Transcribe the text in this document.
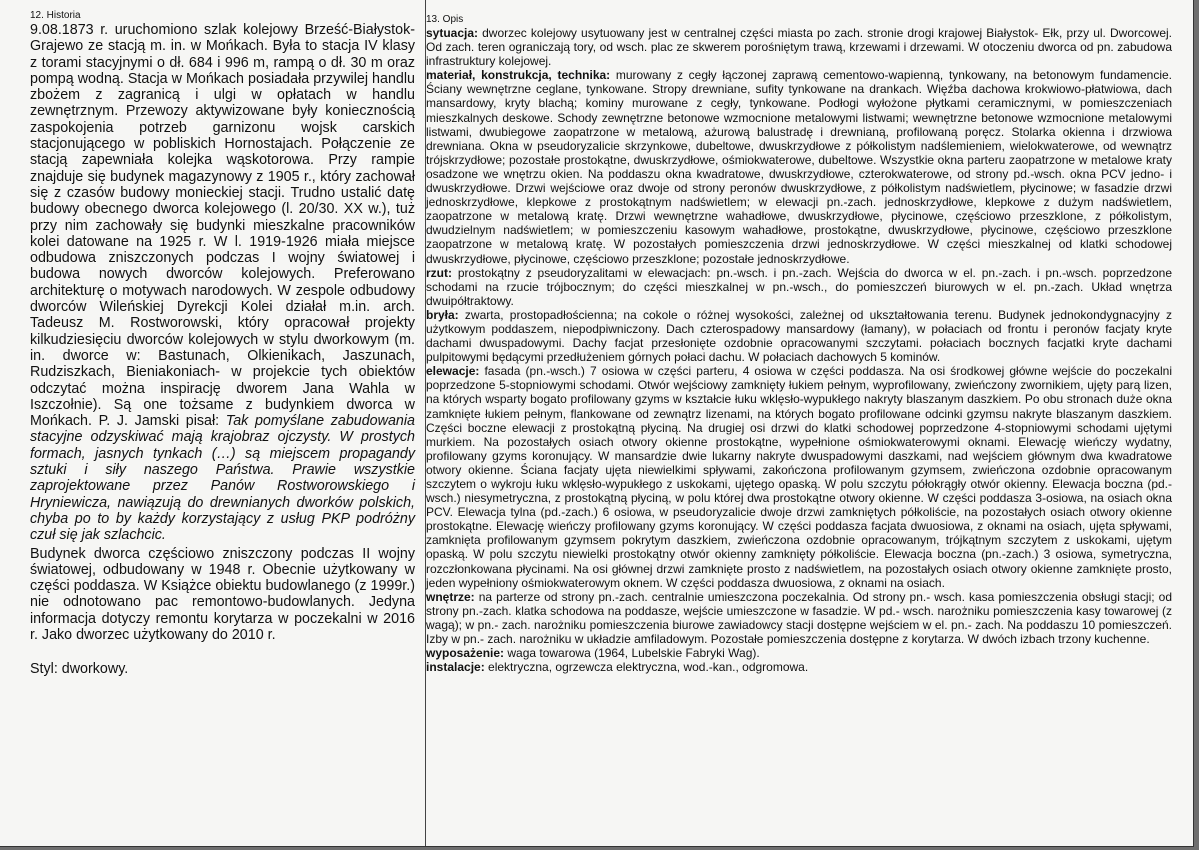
12. Historia

9.08.1873 r. uruchomiono szlak kolejowy Brześć-Białystok-Grajewo ze stacją m. in. w Mońkach. Była to stacja IV klasy z torami stacyjnymi o dł. 684 i 996 m, rampą o dł. 30 m oraz pompą wodną. Stacja w Mońkach posiadała przywilej handlu zbożem z zagranicą i ulgi w opłatach w handlu zewnętrznym. Przewozy aktywizowane były koniecznością zaspokojenia potrzeb garnizonu wojsk carskich stacjonującego w pobliskich Hornostajach. Połączenie ze stacją zapewniała kolejka wąskotorowa. Przy rampie znajduje się budynek magazynowy z 1905 r., który zachował się z czasów budowy monieckiej stacji. Trudno ustalić datę budowy obecnego dworca kolejowego (l. 20/30. XX w.), tuż przy nim zachowały się budynki mieszkalne pracowników kolei datowane na 1925 r. W l. 1919-1926 miała miejsce odbudowa zniszczonych podczas I wojny światowej i budowa nowych dworców kolejowych. Preferowano architekturę o motywach narodowych. W zespole odbudowy dworców Wileńskiej Dyrekcji Kolei działał m.in. arch. Tadeusz M. Rostworowski, który opracował projekty kilkudziesięciu dworców kolejowych w stylu dworkowym (m. in. dworce w: Bastunach, Olkienikach, Jaszunach, Rudziszkach, Bieniakoniach- w projekcie tych obiektów odczytać można inspirację dworem Jana Wahla w Iszczołnie). Są one tożsame z budynkiem dworca w Mońkach. P. J. Jamski pisał: Tak pomyślane zabudowania stacyjne odzyskiwać mają krajobraz ojczysty. W prostych formach, jasnych tynkach (…) są miejscem propagandy sztuki i siły naszego Państwa. Prawie wszystkie zaprojektowane przez Panów Rostworowskiego i Hryniewicza, nawiązują do drewnianych dworków polskich, chyba po to by każdy korzystający z usług PKP podróżny czuł się jak szlachcic.

Budynek dworca częściowo zniszczony podczas II wojny światowej, odbudowany w 1948 r. Obecnie użytkowany w części poddasza. W Książce obiektu budowlanego (z 1999r.) nie odnotowano pac remontowo-budowlanych. Jedyna informacja dotyczy remontu korytarza w poczekalni w 2016 r. Jako dworzec użytkowany do 2010 r.

Styl: dworkowy.
13. Opis

sytuacja: dworzec kolejowy usytuowany jest w centralnej części miasta po zach. stronie drogi krajowej Białystok- Ełk, przy ul. Dworcowej. Od zach. teren ograniczają tory, od wsch. plac ze skwerem porośniętym trawą, krzewami i drzewami. W otoczeniu dworca od pn. zabudowa infrastruktury kolejowej.

materiał, konstrukcja, technika: murowany z cegły łączonej zaprawą cementowo-wapienną, tynkowany, na betonowym fundamencie. Ściany wewnętrzne ceglane, tynkowane. Stropy drewniane, sufity tynkowane na drankach. Więźba dachowa krokwiowo-płatwiowa, dach mansardowy, kryty blachą; kominy murowane z cegły, tynkowane. Podłogi wyłożone płytkami ceramicznymi, w pomieszczeniach mieszkalnych deskowe. Schody zewnętrzne betonowe wzmocnione metalowymi listwami; wewnętrzne betonowe wzmocnione metalowymi listwami, dwubiegowe zaopatrzone w metalową, ażurową balustradę i drewnianą, profilowaną poręcz. Stolarka okienna i drzwiowa drewniana. Okna w pseudoryzalicie skrzynkowe, dubeltowe, dwuskrzydłowe z półkolistym nadślemieniem, wielokwaterowe, od wewnątrz trójskrzydłowe; pozostałe prostokątne, dwuskrzydłowe, ośmiokwaterowe, dubeltowe. Wszystkie okna parteru zaopatrzone w metalowe kraty osadzone we wnętrzu okien. Na poddaszu okna kwadratowe, dwuskrzydłowe, czterokwaterowe, od strony pd.-wsch. okna PCV jedno- i dwuskrzydłowe. Drzwi wejściowe oraz dwoje od strony peronów dwuskrzydłowe, z półkolistym nadświetlem, płycinowe; w fasadzie drzwi jednoskrzydłowe, klepkowe z prostokątnym nadświetlem; w elewacji pn.-zach. jednoskrzydłowe, klepkowe z dużym nadświetlem, zaopatrzone w metalową kratę. Drzwi wewnętrzne wahadłowe, dwuskrzydłowe, płycinowe, częściowo przeszklone, z półkolistym, dwudzielnym nadświetlem; w pomieszczeniu kasowym wahadłowe, prostokątne, dwuskrzydłowe, płycinowe, częściowo przeszklone zaopatrzone w metalową kratę. W pozostałych pomieszczenia drzwi jednoskrzydłowe. W części mieszkalnej od klatki schodowej dwuskrzydłowe, płycinowe, częściowo przeszklone; pozostałe jednoskrzydłowe.

rzut: prostokątny z pseudoryzalitami w elewacjach: pn.-wsch. i pn.-zach. Wejścia do dworca w el. pn.-zach. i pn.-wsch. poprzedzone schodami na rzucie trójbocznym; do części mieszkalnej w pn.-wsch., do pomieszczeń biurowych w el. pn.-zach. Układ wnętrza dwuipółtraktowy.

bryła: zwarta, prostopadłościenna; na cokole o różnej wysokości, zależnej od ukształtowania terenu. Budynek jednokondygnacyjny z użytkowym poddaszem, niepodpiwniczony. Dach czterospadowy mansardowy (łamany), w połaciach od frontu i peronów facjaty kryte dachami dwuspadowymi. Dachy facjat przesłonięte ozdobnie opracowanymi szczytami. połaciach bocznych facjatki kryte dachami pulpitowymi będącymi przedłużeniem górnych połaci dachu. W połaciach dachowych 5 kominów.

elewacje: fasada (pn.-wsch.) 7 osiowa w części parteru, 4 osiowa w części poddasza. Na osi środkowej główne wejście do poczekalni poprzedzone 5-stopniowymi schodami. Otwór wejściowy zamknięty łukiem pełnym, wyprofilowany, zwieńczony zwornikiem, ujęty parą lizen, na których wsparty bogato profilowany gzyms w kształcie łuku wklęsło-wypukłego nakryty blaszanym daszkiem. Po obu stronach duże okna zamknięte łukiem pełnym, flankowane od zewnątrz lizenami, na których bogato profilowane odcinki gzymsu nakryte blaszanym daszkiem. Części boczne elewacji z prostokątną płyciną. Na drugiej osi drzwi do klatki schodowej poprzedzone 4-stopniowymi schodami ujętymi murkiem. Na pozostałych osiach otwory okienne prostokątne, wypełnione ośmiokwaterowymi oknami. Elewację wieńczy wydatny, profilowany gzyms koronujący. W mansardzie dwie lukarny nakryte dwuspadowymi daszkami, nad wejściem głównym dwa kwadratowe otwory okienne. Ściana facjaty ujęta niewielkimi spływami, zakończona profilowanym gzymsem, zwieńczona ozdobnie opracowanym szczytem o wykroju łuku wklęsło-wypukłego z uskokami, ujętego opaską. W polu szczytu półokrągły otwór okienny. Elewacja boczna (pd.-wsch.) niesymetryczna, z prostokątną płyciną, w polu której dwa prostokątne otwory okienne. W części poddasza 3-osiowa, na osiach okna PCV. Elewacja tylna (pd.-zach.) 6 osiowa, w pseudoryzalicie dwoje drzwi zamkniętych półkoliście, na pozostałych osiach otwory okienne prostokątne. Elewację wieńczy profilowany gzyms koronujący. W części poddasza facjata dwuosiowa, z oknami na osiach, ujęta spływami, zamknięta profilowanym gzymsem pokrytym daszkiem, zwieńczona ozdobnie opracowanym, trójkątnym szczytem z uskokami, ujętym opaską. W polu szczytu niewielki prostokątny otwór okienny zamknięty półkoliście. Elewacja boczna (pn.-zach.) 3 osiowa, symetryczna, rozczłonkowana płycinami. Na osi głównej drzwi zamknięte prosto z nadświetlem, na pozostałych osiach otwory okienne zamknięte prosto, jeden wypełniony ośmiokwaterowym oknem. W części poddasza dwuosiowa, z oknami na osiach.

wnętrze: na parterze od strony pn.-zach. centralnie umieszczona poczekalnia. Od strony pn.- wsch. kasa pomieszczenia obsługi stacji; od strony pn.-zach. klatka schodowa na poddasze, wejście umieszczone w fasadzie. W pd.- wsch. narożniku pomieszczenia kasy towarowej (z wagą); w pn.- zach. narożniku pomieszczenia biurowe zawiadowcy stacji dostępne wejściem w el. pn.- zach. Na poddaszu 10 pomieszczeń. Izby w pn.- zach. narożniku w układzie amfiladowym. Pozostałe pomieszczenia dostępne z korytarza. W dwóch izbach trzony kuchenne.

wyposażenie: waga towarowa (1964, Lubelskie Fabryki Wag).

instalacje: elektryczna, ogrzewcza elektryczna, wod.-kan., odgromowa.
